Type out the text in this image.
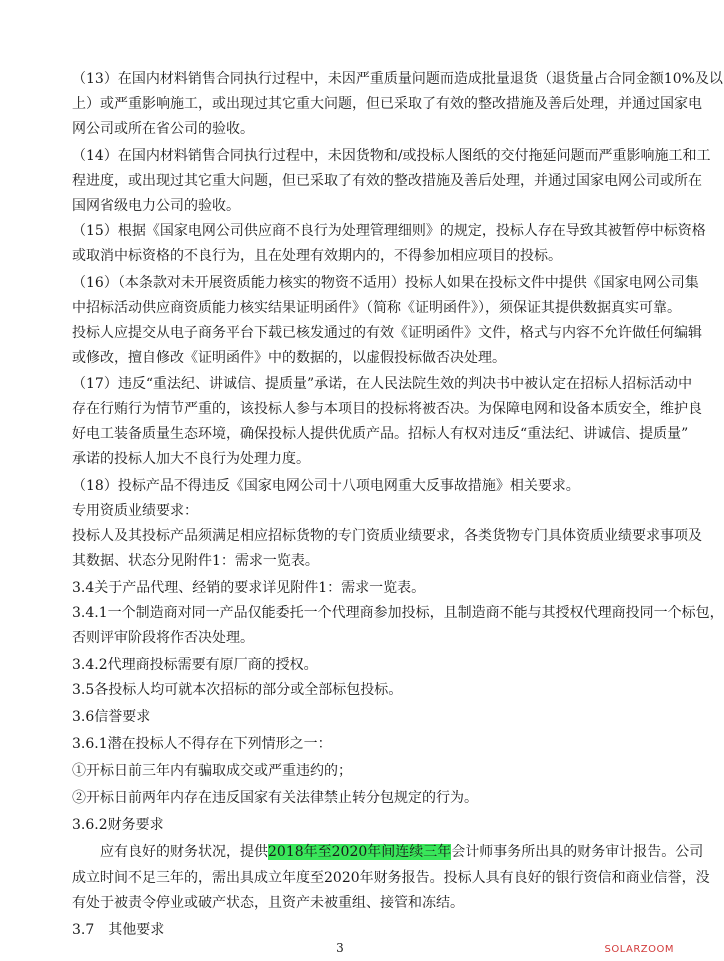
（13）在国内材料销售合同执行过程中，未因严重质量问题而造成批量退货（退货量占合同金额10%及以
上）或严重影响施工，或出现过其它重大问题，但已采取了有效的整改措施及善后处理，并通过国家电
网公司或所在省公司的验收。
（14）在国内材料销售合同执行过程中，未因货物和/或投标人图纸的交付拖延问题而严重影响施工和工
程进度，或出现过其它重大问题，但已采取了有效的整改措施及善后处理，并通过国家电网公司或所在
国网省级电力公司的验收。
（15）根据《国家电网公司供应商不良行为处理管理细则》的规定，投标人存在导致其被暂停中标资格
或取消中标资格的不良行为，且在处理有效期内的，不得参加相应项目的投标。
（16）（本条款对未开展资质能力核实的物资不适用）投标人如果在投标文件中提供《国家电网公司集
中招标活动供应商资质能力核实结果证明函件》（简称《证明函件》），须保证其提供数据真实可靠。
投标人应提交从电子商务平台下载已核发通过的有效《证明函件》文件，格式与内容不允许做任何编辑
或修改，擅自修改《证明函件》中的数据的，以虚假投标做否决处理。
（17）违反“重法纪、讲诚信、提质量”承诺，在人民法院生效的判决书中被认定在招标人招标活动中
存在行贿行为情节严重的，该投标人参与本项目的投标将被否决。为保障电网和设备本质安全，维护良
好电工装备质量生态环境，确保投标人提供优质产品。招标人有权对违反“重法纪、讲诚信、提质量”
承诺的投标人加大不良行为处理力度。
（18）投标产品不得违反《国家电网公司十八项电网重大反事故措施》相关要求。
专用资质业绩要求：
投标人及其投标产品须满足相应招标货物的专门资质业绩要求，各类货物专门具体资质业绩要求事项及
其数据、状态分见附件1：需求一览表。
3.4关于产品代理、经销的要求详见附件1：需求一览表。
3.4.1一个制造商对同一产品仅能委托一个代理商参加投标，且制造商不能与其授权代理商投同一个标包，
否则评审阶段将作否决处理。
3.4.2代理商投标需要有原厂商的授权。
3.5各投标人均可就本次招标的部分或全部标包投标。
3.6信誉要求
3.6.1潜在投标人不得存在下列情形之一：
①开标日前三年内有骗取成交或严重违约的；
②开标日前两年内存在违反国家有关法律禁止转分包规定的行为。
3.6.2财务要求
应有良好的财务状况，提供2018年至2020年间连续三年会计师事务所出具的财务审计报告。公司
成立时间不足三年的，需出具成立年度至2020年财务报告。投标人具有良好的银行资信和商业信誉，没
有处于被责令停业或破产状态，且资产未被重组、接管和冻结。
3.7　其他要求
3	SOLARZOOM
